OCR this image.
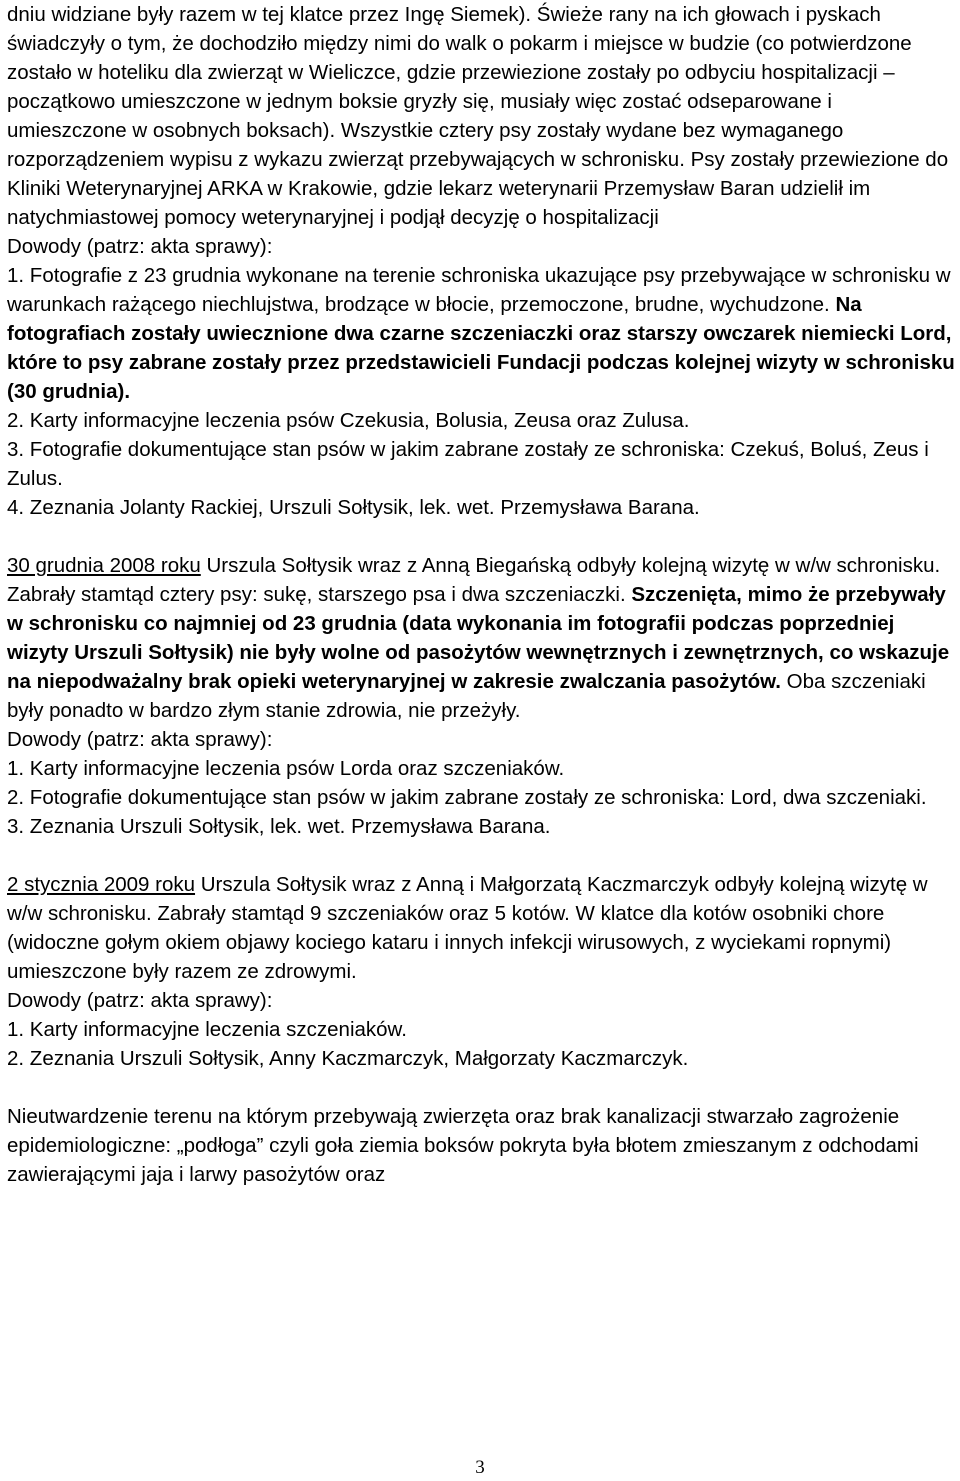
dniu widziane były razem w tej klatce przez Ingę Siemek). Świeże rany na ich głowach i pyskach świadczyły o tym, że dochodziło między nimi do walk o pokarm i miejsce w budzie (co potwierdzone zostało w hoteliku dla zwierząt w Wieliczce, gdzie przewiezione zostały po odbyciu hospitalizacji – początkowo umieszczone w jednym boksie gryzły się, musiały więc zostać odseparowane i umieszczone w osobnych boksach). Wszystkie cztery psy zostały wydane bez wymaganego rozporządzeniem wypisu z wykazu zwierząt przebywających w schronisku. Psy zostały przewiezione do Kliniki Weterynaryjnej ARKA w Krakowie, gdzie lekarz weterynarii Przemysław Baran udzielił im natychmiastowej pomocy weterynaryjnej i podjął decyzję o hospitalizacji

Dowody (patrz: akta sprawy):

1. Fotografie z 23 grudnia wykonane na terenie schroniska ukazujące psy przebywające w schronisku w warunkach rażącego niechlujstwa, brodzące w błocie, przemoczone, brudne, wychudzone. Na fotografiach zostały uwiecznione dwa czarne szczeniaczki oraz starszy owczarek niemiecki Lord, które to psy zabrane zostały przez przedstawicieli Fundacji podczas kolejnej wizyty w schronisku (30 grudnia).

2. Karty informacyjne leczenia psów Czekusia, Bolusia, Zeusa oraz Zulusa.

3. Fotografie dokumentujące stan psów w jakim zabrane zostały ze schroniska: Czekuś, Boluś, Zeus i Zulus.

4. Zeznania Jolanty Rackiej, Urszuli Sołtysik, lek. wet. Przemysława Barana.

30 grudnia 2008 roku Urszula Sołtysik wraz z Anną Biegańską odbyły kolejną wizytę w w/w schronisku. Zabrały stamtąd cztery psy: sukę, starszego psa i dwa szczeniaczki. Szczenięta, mimo że przebywały w schronisku co najmniej od 23 grudnia (data wykonania im fotografii podczas poprzedniej wizyty Urszuli Sołtysik) nie były wolne od pasożytów wewnętrznych i zewnętrznych, co wskazuje na niepodważalny brak opieki weterynaryjnej w zakresie zwalczania pasożytów. Oba szczeniaki były ponadto w bardzo złym stanie zdrowia, nie przeżyły.

Dowody (patrz: akta sprawy):

1. Karty informacyjne leczenia psów Lorda oraz szczeniaków.

2. Fotografie dokumentujące stan psów w jakim zabrane zostały ze schroniska: Lord, dwa szczeniaki.

3. Zeznania Urszuli Sołtysik, lek. wet. Przemysława Barana.

2 stycznia 2009 roku Urszula Sołtysik wraz z Anną i Małgorzatą Kaczmarczyk odbyły kolejną wizytę w w/w schronisku. Zabrały stamtąd 9 szczeniaków oraz 5 kotów. W klatce dla kotów osobniki chore (widoczne gołym okiem objawy kociego kataru i innych infekcji wirusowych, z wyciekami ropnymi) umieszczone były razem ze zdrowymi.

Dowody (patrz: akta sprawy):

1. Karty informacyjne leczenia szczeniaków.

2. Zeznania Urszuli Sołtysik, Anny Kaczmarczyk, Małgorzaty Kaczmarczyk.

Nieutwardzenie terenu na którym przebywają zwierzęta oraz brak kanalizacji stwarzało zagrożenie epidemiologiczne: „podłoga” czyli goła ziemia boksów pokryta była błotem zmieszanym z odchodami zawierającymi jaja i larwy pasożytów oraz

3
